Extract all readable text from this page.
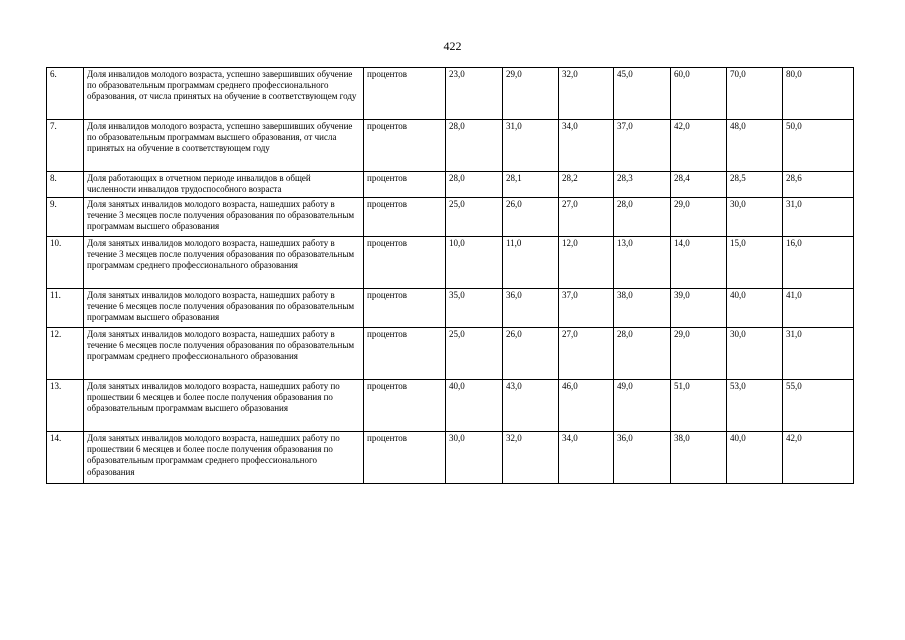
422
6.	Доля инвалидов молодого возраста, успешно завершивших обучение по образовательным программам среднего профессионального образования, от числа принятых на обучение в соответствующем году	процентов	23,0	29,0	32,0	45,0	60,0	70,0	80,0
7.	Доля инвалидов молодого возраста, успешно завершивших обучение по образовательным программам высшего образования, от числа принятых на обучение в соответствующем году	процентов	28,0	31,0	34,0	37,0	42,0	48,0	50,0
8.	Доля работающих в отчетном периоде инвалидов в общей численности инвалидов трудоспособного возраста	процентов	28,0	28,1	28,2	28,3	28,4	28,5	28,6
9.	Доля занятых инвалидов молодого возраста, нашедших работу в течение 3 месяцев после получения образования по образовательным программам высшего образования	процентов	25,0	26,0	27,0	28,0	29,0	30,0	31,0
10.	Доля занятых инвалидов молодого возраста, нашедших работу в течение 3 месяцев после получения образования по образовательным программам среднего профессионального образования	процентов	10,0	11,0	12,0	13,0	14,0	15,0	16,0
11.	Доля занятых инвалидов молодого возраста, нашедших работу в течение 6 месяцев после получения образования по образовательным программам высшего образования	процентов	35,0	36,0	37,0	38,0	39,0	40,0	41,0
12.	Доля занятых инвалидов молодого возраста, нашедших работу в течение 6 месяцев после получения образования по образовательным программам среднего профессионального образования	процентов	25,0	26,0	27,0	28,0	29,0	30,0	31,0
13.	Доля занятых инвалидов молодого возраста, нашедших работу по прошествии 6 месяцев и более после получения образования по образовательным программам высшего образования	процентов	40,0	43,0	46,0	49,0	51,0	53,0	55,0
14.	Доля занятых инвалидов молодого возраста, нашедших работу по прошествии 6 месяцев и более после получения образования по образовательным программам среднего профессионального образования	процентов	30,0	32,0	34,0	36,0	38,0	40,0	42,0
